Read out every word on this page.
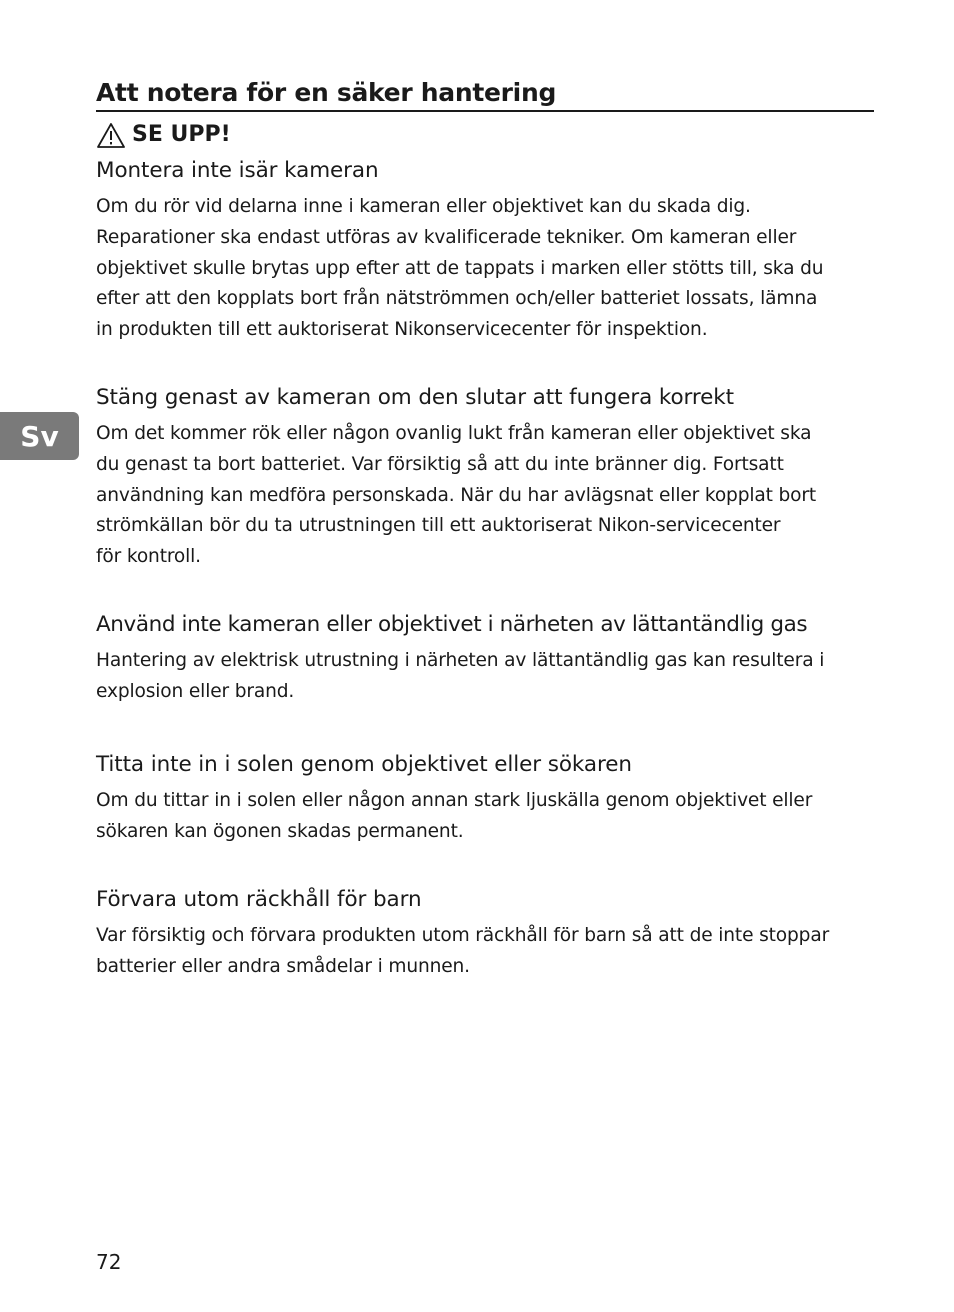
Att notera för en säker hantering
SE UPP!
Montera inte isär kameran
Om du rör vid delarna inne i kameran eller objektivet kan du skada dig.
Reparationer ska endast utföras av kvalificerade tekniker. Om kameran eller
objektivet skulle brytas upp efter att de tappats i marken eller stötts till, ska du
efter att den kopplats bort från nätströmmen och/eller batteriet lossats, lämna
in produkten till ett auktoriserat Nikonservicecenter för inspektion.
Stäng genast av kameran om den slutar att fungera korrekt
Om det kommer rök eller någon ovanlig lukt från kameran eller objektivet ska
du genast ta bort batteriet. Var försiktig så att du inte bränner dig. Fortsatt
användning kan medföra personskada. När du har avlägsnat eller kopplat bort
strömkällan bör du ta utrustningen till ett auktoriserat Nikon-servicecenter
för kontroll.
Använd inte kameran eller objektivet i närheten av lättantändlig gas
Hantering av elektrisk utrustning i närheten av lättantändlig gas kan resultera i
explosion eller brand.
Titta inte in i solen genom objektivet eller sökaren
Om du tittar in i solen eller någon annan stark ljuskälla genom objektivet eller
sökaren kan ögonen skadas permanent.
Förvara utom räckhåll för barn
Var försiktig och förvara produkten utom räckhåll för barn så att de inte stoppar
batterier eller andra smådelar i munnen.
Sv
72
